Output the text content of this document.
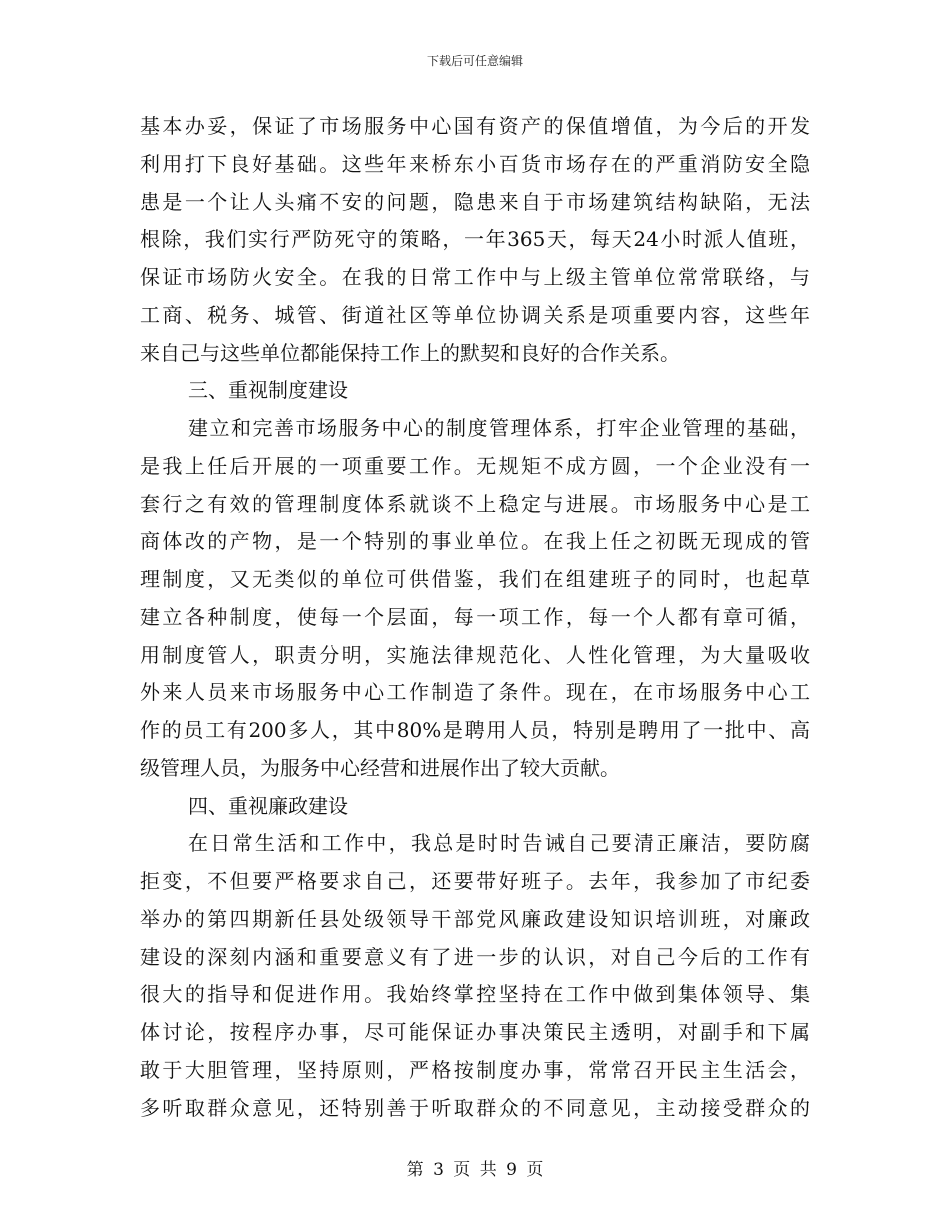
下载后可任意编辑
基本办妥，保证了市场服务中心国有资产的保值增值，为今后的开发
利用打下良好基础。这些年来桥东小百货市场存在的严重消防安全隐
患是一个让人头痛不安的问题，隐患来自于市场建筑结构缺陷，无法
根除，我们实行严防死守的策略，一年365天，每天24小时派人值班，
保证市场防火安全。在我的日常工作中与上级主管单位常常联络，与
工商、税务、城管、街道社区等单位协调关系是项重要内容，这些年
来自己与这些单位都能保持工作上的默契和良好的合作关系。
三、重视制度建设
建立和完善市场服务中心的制度管理体系，打牢企业管理的基础，
是我上任后开展的一项重要工作。无规矩不成方圆，一个企业没有一
套行之有效的管理制度体系就谈不上稳定与进展。市场服务中心是工
商体改的产物，是一个特别的事业单位。在我上任之初既无现成的管
理制度，又无类似的单位可供借鉴，我们在组建班子的同时，也起草
建立各种制度，使每一个层面，每一项工作，每一个人都有章可循，
用制度管人，职责分明，实施法律规范化、人性化管理，为大量吸收
外来人员来市场服务中心工作制造了条件。现在，在市场服务中心工
作的员工有200多人，其中80%是聘用人员，特别是聘用了一批中、高
级管理人员，为服务中心经营和进展作出了较大贡献。
四、重视廉政建设
在日常生活和工作中，我总是时时告诫自己要清正廉洁，要防腐
拒变，不但要严格要求自己，还要带好班子。去年，我参加了市纪委
举办的第四期新任县处级领导干部党风廉政建设知识培训班，对廉政
建设的深刻内涵和重要意义有了进一步的认识，对自己今后的工作有
很大的指导和促进作用。我始终掌控坚持在工作中做到集体领导、集
体讨论，按程序办事，尽可能保证办事决策民主透明，对副手和下属
敢于大胆管理，坚持原则，严格按制度办事，常常召开民主生活会，
多听取群众意见，还特别善于听取群众的不同意见，主动接受群众的
第 3 页 共 9 页
